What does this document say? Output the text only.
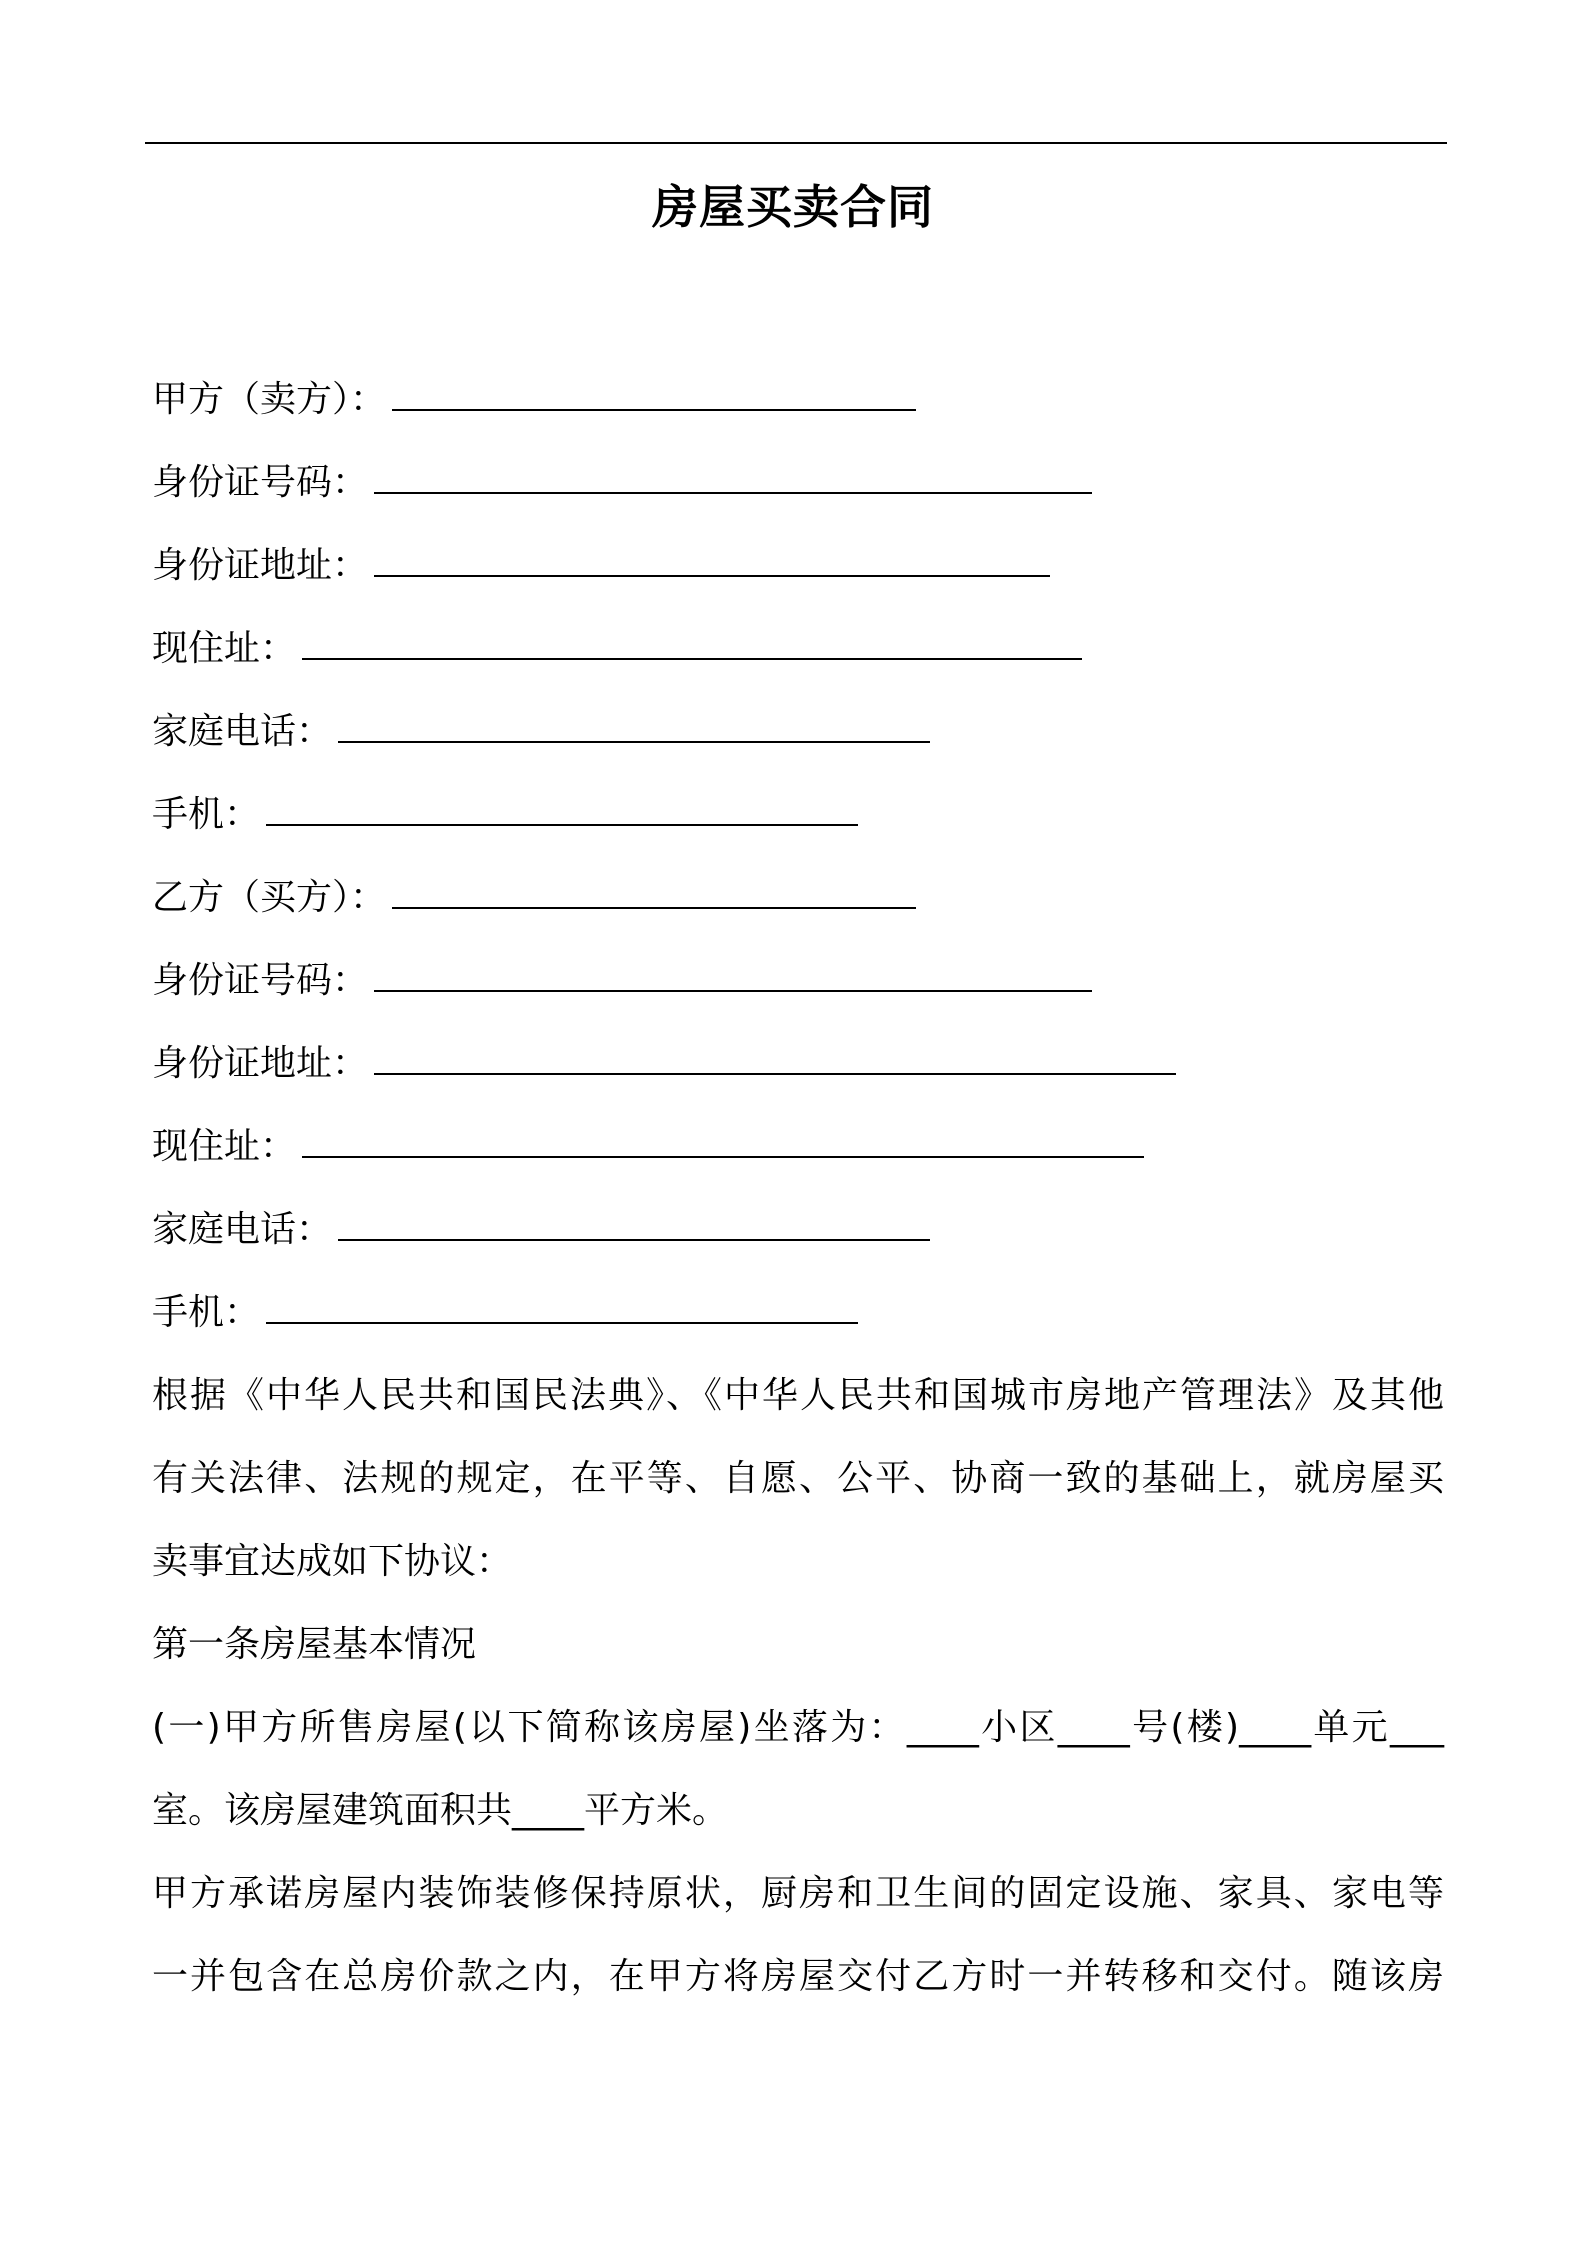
房屋买卖合同
甲方（卖方）：
身份证号码：
身份证地址：
现住址：
家庭电话：
手机：
乙方（买方）：
身份证号码：
身份证地址：
现住址：
家庭电话：
手机：
根据《中华人民共和国民法典》、《中华人民共和国城市房地产管理法》及其他
有关法律、法规的规定，在平等、自愿、公平、协商一致的基础上，就房屋买
卖事宜达成如下协议：
第一条房屋基本情况
(一)甲方所售房屋(以下简称该房屋)坐落为：____小区____号(楼)____单元___
室。该房屋建筑面积共____平方米。
甲方承诺房屋内装饰装修保持原状，厨房和卫生间的固定设施、家具、家电等
一并包含在总房价款之内，在甲方将房屋交付乙方时一并转移和交付。随该房
